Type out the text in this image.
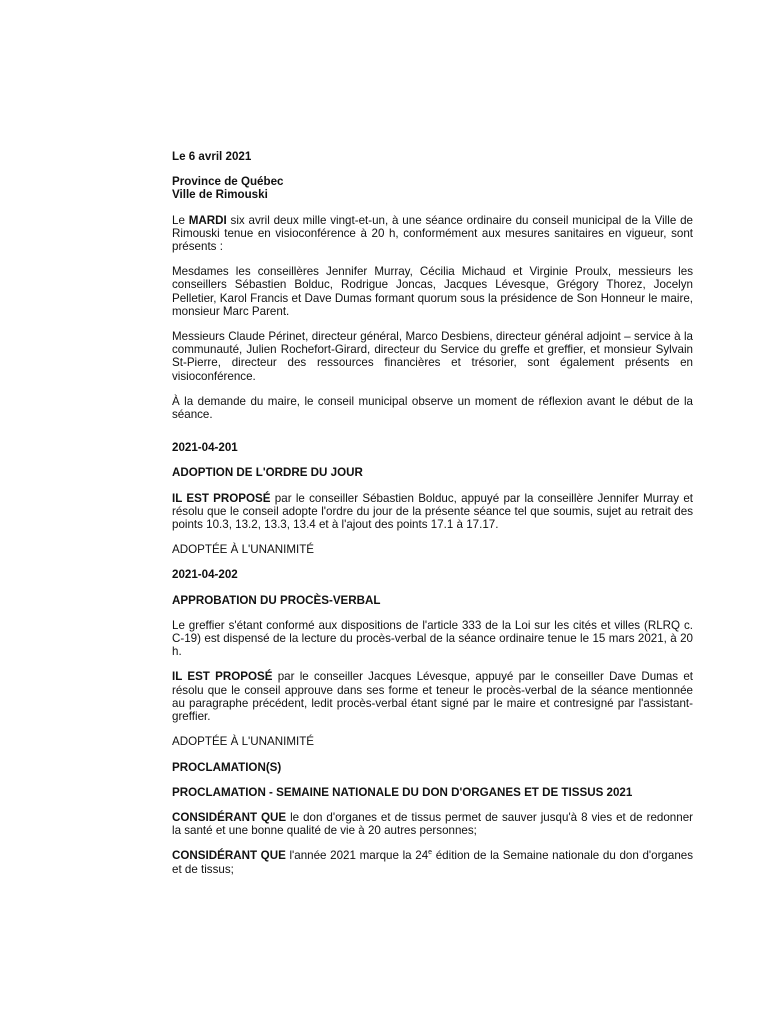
Le 6 avril 2021

Province de Québec

Ville de Rimouski

Le MARDI six avril deux mille vingt-et-un, à une séance ordinaire du conseil municipal de la Ville de Rimouski tenue en visioconférence à 20 h, conformément aux mesures sanitaires en vigueur, sont présents :

Mesdames les conseillères Jennifer Murray, Cécilia Michaud et Virginie Proulx, messieurs les conseillers Sébastien Bolduc, Rodrigue Joncas, Jacques Lévesque, Grégory Thorez, Jocelyn Pelletier, Karol Francis et Dave Dumas formant quorum sous la présidence de Son Honneur le maire, monsieur Marc Parent.

Messieurs Claude Périnet, directeur général, Marco Desbiens, directeur général adjoint – service à la communauté, Julien Rochefort-Girard, directeur du Service du greffe et greffier, et monsieur Sylvain St-Pierre, directeur des ressources financières et trésorier, sont également présents en visioconférence.

À la demande du maire, le conseil municipal observe un moment de réflexion avant le début de la séance.

2021-04-201

ADOPTION DE L'ORDRE DU JOUR

IL EST PROPOSÉ par le conseiller Sébastien Bolduc, appuyé par la conseillère Jennifer Murray et résolu que le conseil adopte l'ordre du jour de la présente séance tel que soumis, sujet au retrait des points 10.3, 13.2, 13.3, 13.4 et à l'ajout des points 17.1 à 17.17.

ADOPTÉE À L'UNANIMITÉ

2021-04-202

APPROBATION DU PROCÈS-VERBAL

Le greffier s'étant conformé aux dispositions de l'article 333 de la Loi sur les cités et villes (RLRQ c. C-19) est dispensé de la lecture du procès-verbal de la séance ordinaire tenue le 15 mars 2021, à 20 h.

IL EST PROPOSÉ par le conseiller Jacques Lévesque, appuyé par le conseiller Dave Dumas et résolu que le conseil approuve dans ses forme et teneur le procès-verbal de la séance mentionnée au paragraphe précédent, ledit procès-verbal étant signé par le maire et contresigné par l'assistant-greffier.

ADOPTÉE À L'UNANIMITÉ

PROCLAMATION(S)

PROCLAMATION - SEMAINE NATIONALE DU DON D'ORGANES ET DE TISSUS 2021

CONSIDÉRANT QUE le don d'organes et de tissus permet de sauver jusqu'à 8 vies et de redonner la santé et une bonne qualité de vie à 20 autres personnes;

CONSIDÉRANT QUE l'année 2021 marque la 24e édition de la Semaine nationale du don d'organes et de tissus;
